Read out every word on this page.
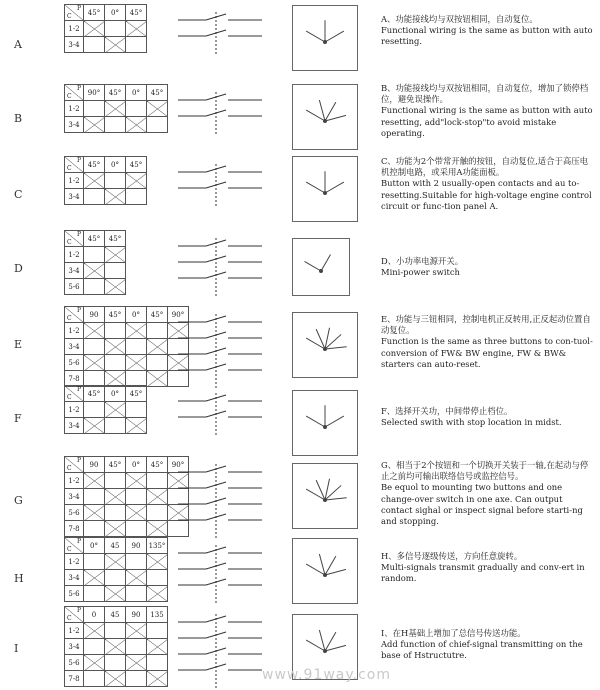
A
P
C	45°	0°	45°
1-2			
3-4			
A、功能接线均与双按钮相同，自动复位。
Functional wiring is the same as button with auto resetting.
B
P
C	90°	45°	0°	45°
1-2				
3-4				
B、功能接线均与双按钮相同，自动复位，增加了锁停档位，避免误操作。
Functional wiring is the same as button with auto resetting, add"lock-stop"to avoid mistake operating.
C
P
C	45°	0°	45°
1-2			
3-4			
C、功能为2个带常开触的按钮，自动复位,适合于高压电机控制电路，或采用A功能面板。
Button with 2 usually-open contacts and au to-resetting.Suitable for high-voltage engine control circuit or func-tion panel A.
D
P
C	45°	45°
1-2		
3-4		
5-6		
D、小功率电源开关。
Mini-power switch
E
P
C	90	45°	0°	45°	90°
1-2					
3-4					
5-6					
7-8					
E、功能与三钮相同，控制电机正反转用,正反起动位置自动复位。
Function is the same as three buttons to con-tuol-conversion of FW& BW engine, FW & BW& starters can auto-reset.
F
P
C	45°	0°	45°
1-2			
3-4			
F、选择开关功，中间带停止档位。
Selected swith with stop location in midst.
G
P
C	90	45°	0°	45°	90°
1-2					
3-4					
5-6					
7-8					
G、相当于2个按钮和一个切换开关装于一轴,在起动与停止之前均可输出联络信号或监控信号。
Be equol to mounting two buttons and one change-over switch in one axe. Can output contact sighal or inspect signal before starti-ng and stopping.
H
P
C	0°	45	90	135°
1-2				
3-4				
5-6				
H、多信号逐级传送，方向任意旋转。
Multi-signals transmit gradually and conv-ert in random.
I
P
C	0	45	90	135
1-2				
3-4				
5-6				
7-8				
I、在H基础上增加了总信号传送功能。
Add function of chief-signal transmitting on the base of Hstructutre.
www.91way.com
